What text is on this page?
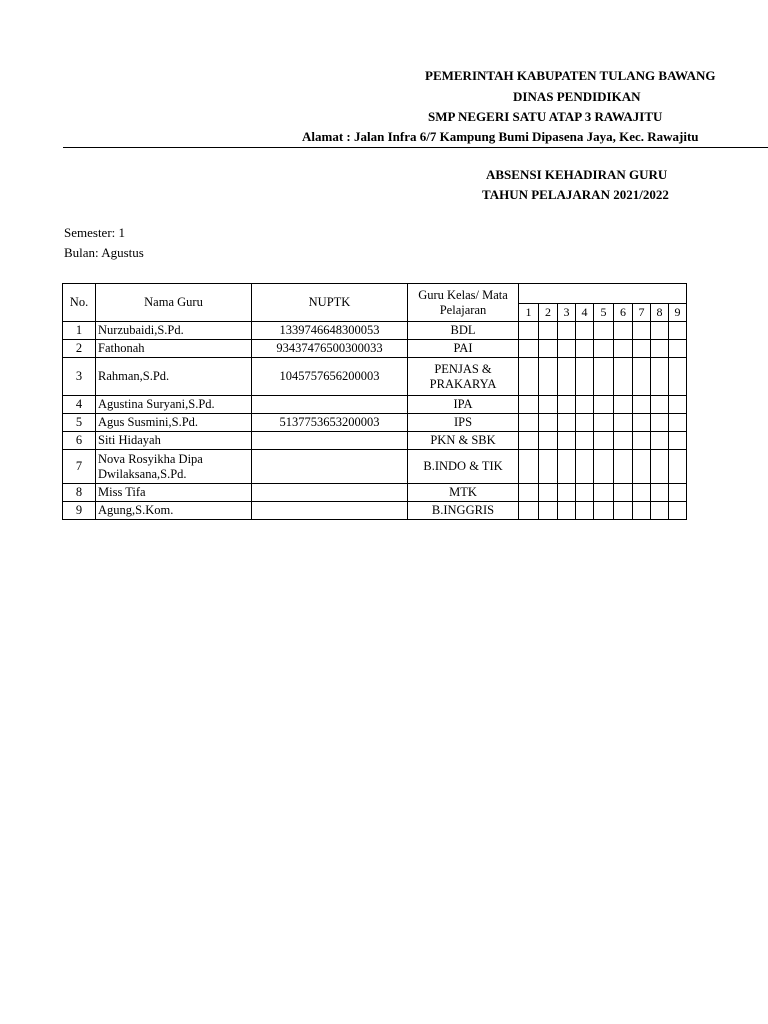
PEMERINTAH KABUPATEN TULANG BAWANG
DINAS PENDIDIKAN
SMP NEGERI SATU ATAP 3 RAWAJITU
Alamat : Jalan Infra 6/7 Kampung Bumi Dipasena Jaya, Kec. Rawajitu
ABSENSI KEHADIRAN GURU
TAHUN PELAJARAN 2021/2022
Semester: 1
Bulan: Agustus
No.	Nama Guru	NUPTK	Guru Kelas/ Mata Pelajaran									
				1	2	3	4	5	6	7	8	9
1	Nurzubaidi,S.Pd.	1339746648300053	BDL									
2	Fathonah	93437476500300033	PAI									
3	Rahman,S.Pd.	1045757656200003	PENJAS & PRAKARYA									
4	Agustina Suryani,S.Pd.		IPA									
5	Agus Susmini,S.Pd.	5137753653200003	IPS									
6	Siti Hidayah		PKN & SBK									
7	Nova Rosyikha Dipa Dwilaksana,S.Pd.		B.INDO & TIK									
8	Miss Tifa		MTK									
9	Agung,S.Kom.		B.INGGRIS									
